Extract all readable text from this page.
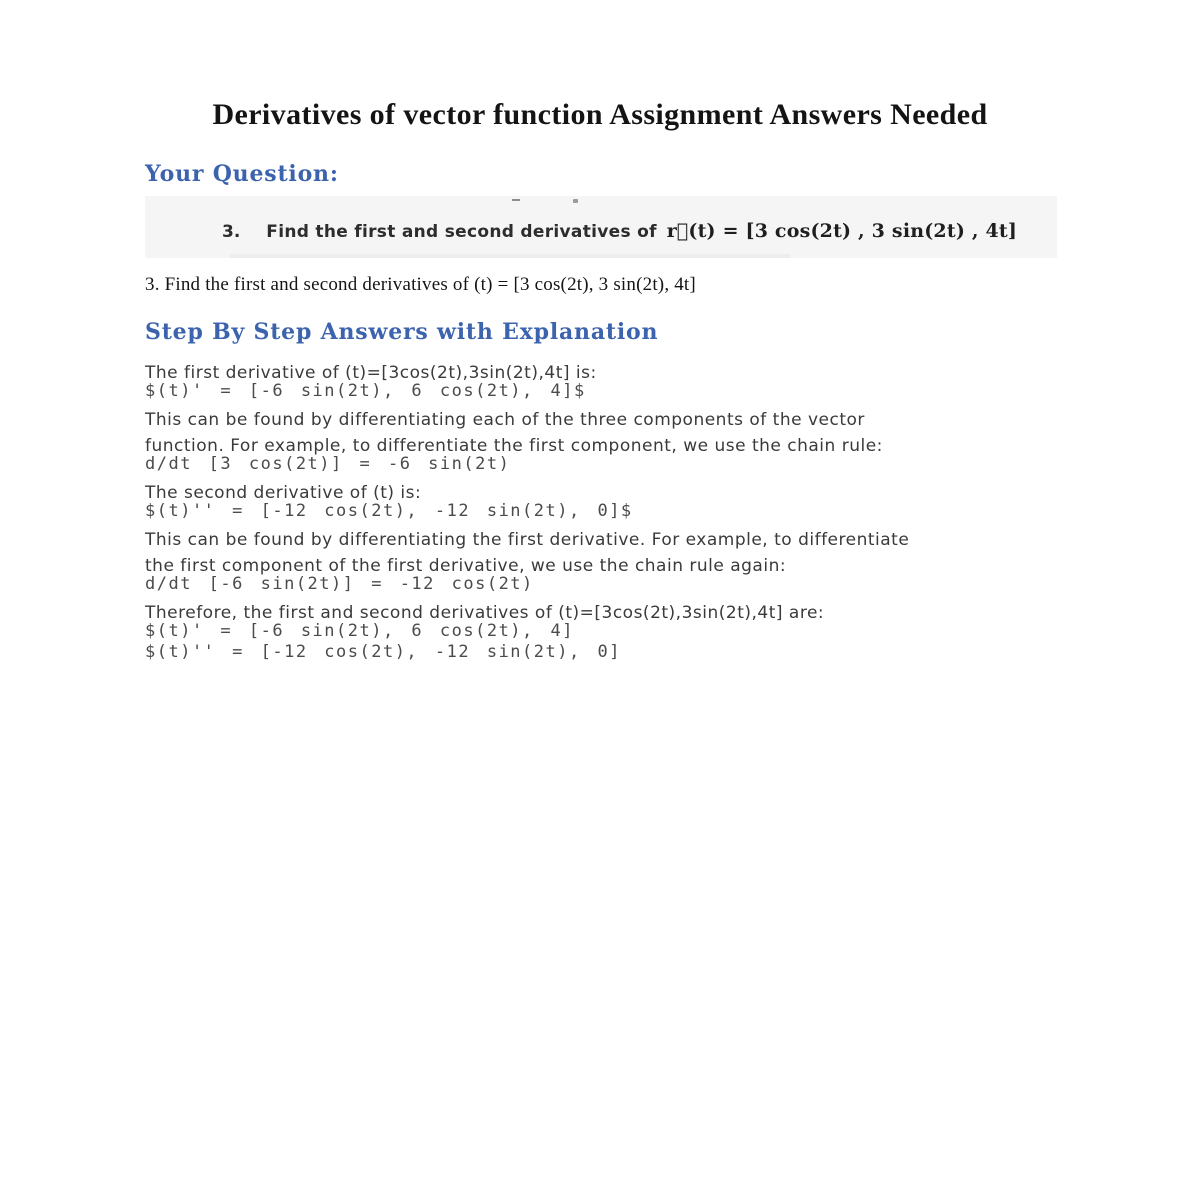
Derivatives of vector function Assignment Answers Needed
Your Question:
3. Find the first and second derivatives of r⃗(t) = [3 cos(2t) , 3 sin(2t) , 4t]
3. Find the first and second derivatives of (t) = [3 cos(2t), 3 sin(2t), 4t]
Step By Step Answers with Explanation
The first derivative of (t)=[3cos(2t),3sin(2t),4t] is:
$(t)' = [-6 sin(2t), 6 cos(2t), 4]$
This can be found by differentiating each of the three components of the vector
function. For example, to differentiate the first component, we use the chain rule:
d/dt [3 cos(2t)] = -6 sin(2t)
The second derivative of (t) is:
$(t)'' = [-12 cos(2t), -12 sin(2t), 0]$
This can be found by differentiating the first derivative. For example, to differentiate
the first component of the first derivative, we use the chain rule again:
d/dt [-6 sin(2t)] = -12 cos(2t)
Therefore, the first and second derivatives of (t)=[3cos(2t),3sin(2t),4t] are:
$(t)' = [-6 sin(2t), 6 cos(2t), 4]
$(t)'' = [-12 cos(2t), -12 sin(2t), 0]
